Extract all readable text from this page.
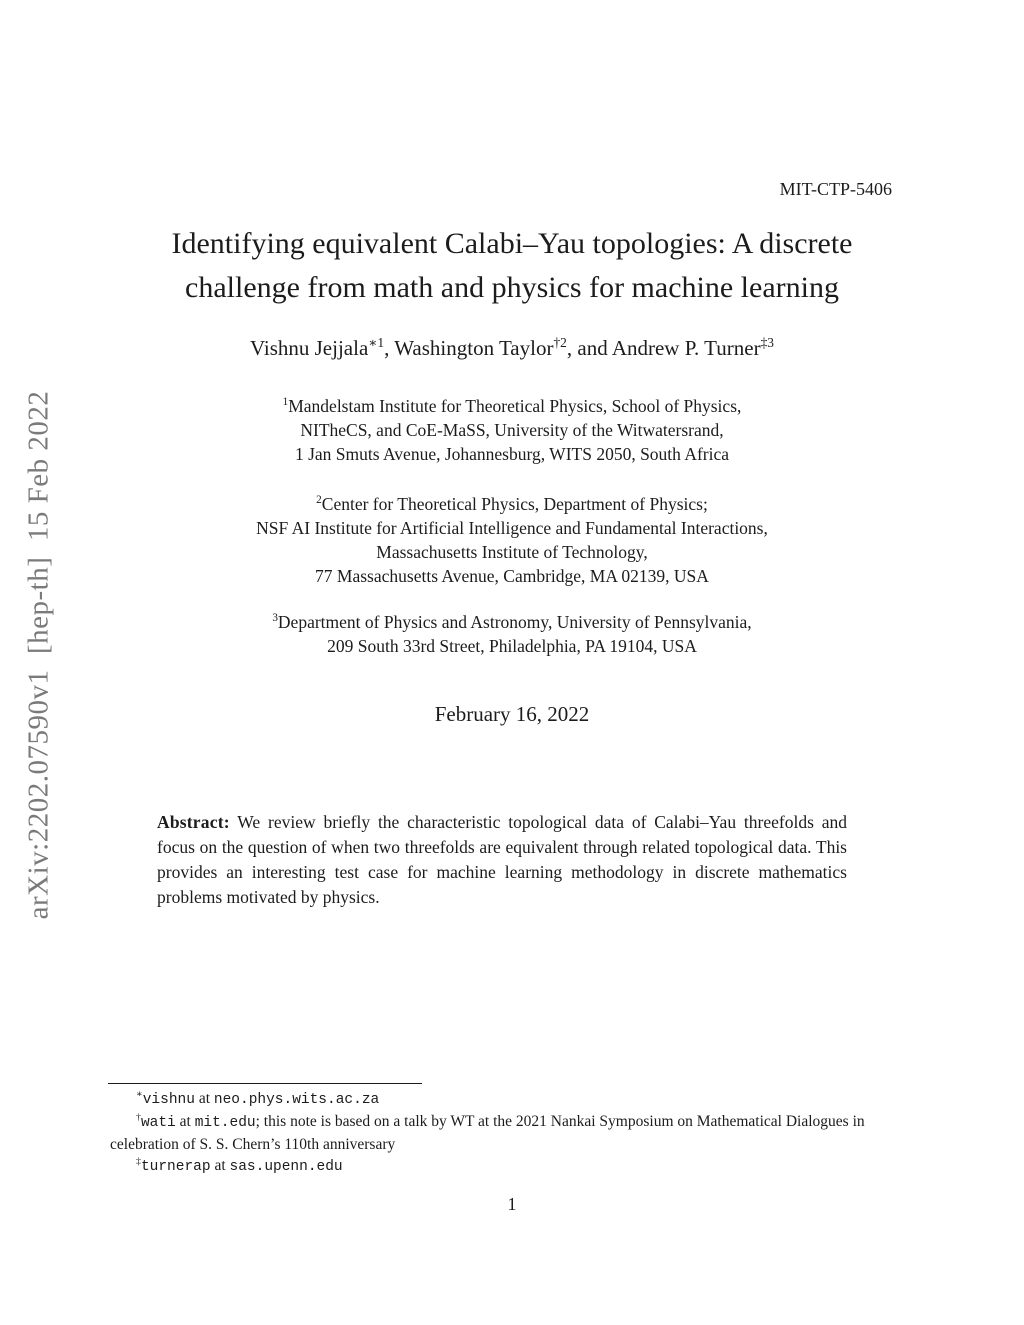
arXiv:2202.07590v1  [hep-th]  15 Feb 2022
MIT-CTP-5406
Identifying equivalent Calabi–Yau topologies: A discrete
challenge from math and physics for machine learning
Vishnu Jejjala$^{∗1}$, Washington Taylor$^{\dagger 2}$, and Andrew P. Turner$^{\ddagger 3}$
$^1$Mandelstam Institute for Theoretical Physics, School of Physics,
NITheCS, and CoE-MaSS, University of the Witwatersrand,
1 Jan Smuts Avenue, Johannesburg, WITS 2050, South Africa
$^2$Center for Theoretical Physics, Department of Physics;
NSF AI Institute for Artificial Intelligence and Fundamental Interactions,
Massachusetts Institute of Technology,
77 Massachusetts Avenue, Cambridge, MA 02139, USA
$^3$Department of Physics and Astronomy, University of Pennsylvania,
209 South 33rd Street, Philadelphia, PA 19104, USA
February 16, 2022
Abstract: We review briefly the characteristic topological data of Calabi–Yau threefolds and focus on the question of when two threefolds are equivalent through related topological data. This provides an interesting test case for machine learning methodology in discrete mathematics problems motivated by physics.
∗vishnu at neo.phys.wits.ac.za
†wati at mit.edu; this note is based on a talk by WT at the 2021 Nankai Symposium on Mathematical Dialogues in celebration of S. S. Chern’s 110th anniversary
‡turnerap at sas.upenn.edu
1
